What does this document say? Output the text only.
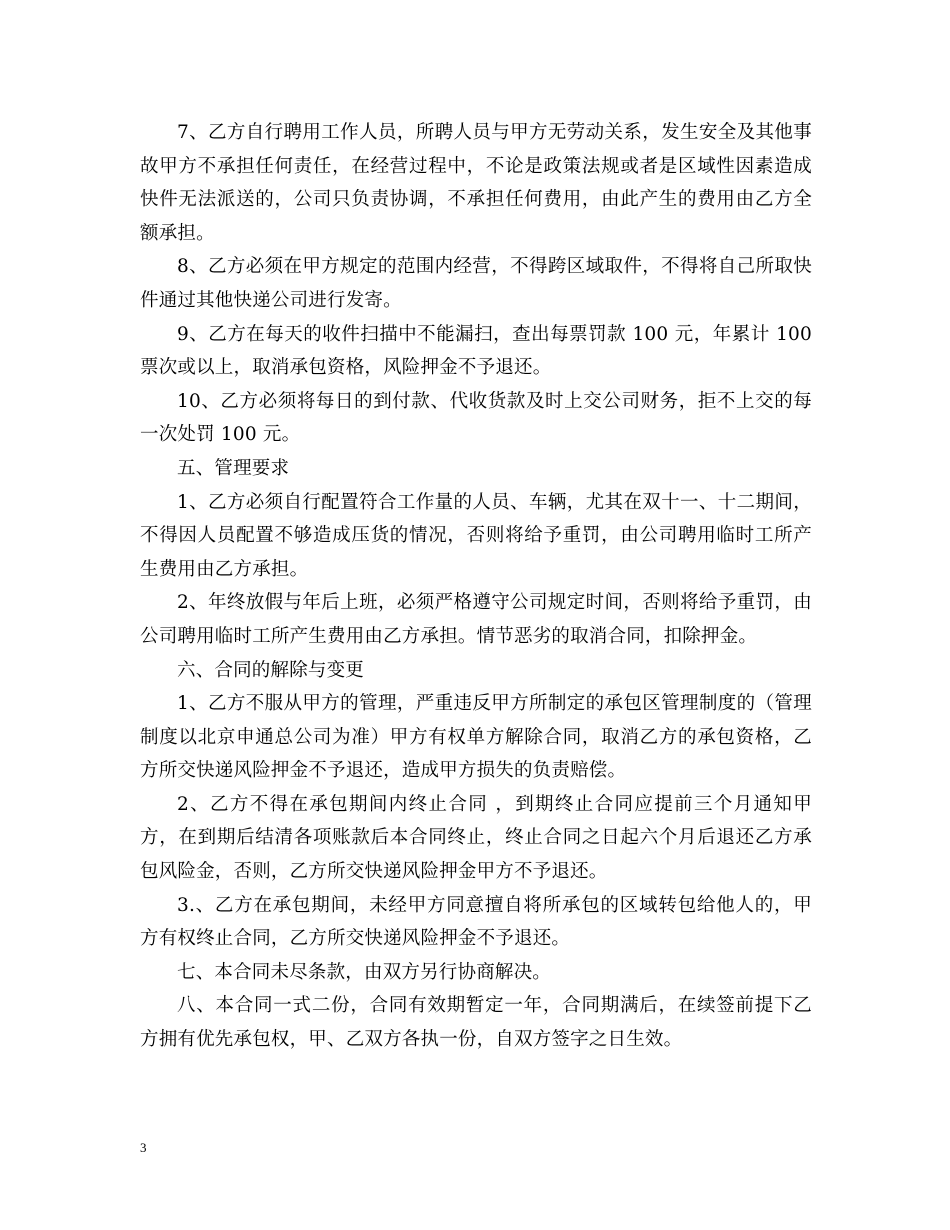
7、乙方自行聘用工作人员，所聘人员与甲方无劳动关系，发生安全及其他事故甲方不承担任何责任，在经营过程中，不论是政策法规或者是区域性因素造成快件无法派送的，公司只负责协调，不承担任何费用，由此产生的费用由乙方全额承担。

8、乙方必须在甲方规定的范围内经营，不得跨区域取件，不得将自己所取快件通过其他快递公司进行发寄。

9、乙方在每天的收件扫描中不能漏扫，查出每票罚款 100 元，年累计 100 票次或以上，取消承包资格，风险押金不予退还。

10、乙方必须将每日的到付款、代收货款及时上交公司财务，拒不上交的每一次处罚 100 元。

五、管理要求

1、乙方必须自行配置符合工作量的人员、车辆，尤其在双十一、十二期间，不得因人员配置不够造成压货的情况，否则将给予重罚，由公司聘用临时工所产生费用由乙方承担。

2、年终放假与年后上班，必须严格遵守公司规定时间，否则将给予重罚，由公司聘用临时工所产生费用由乙方承担。情节恶劣的取消合同，扣除押金。

六、合同的解除与变更

1、乙方不服从甲方的管理，严重违反甲方所制定的承包区管理制度的（管理制度以北京申通总公司为准）甲方有权单方解除合同，取消乙方的承包资格，乙方所交快递风险押金不予退还，造成甲方损失的负责赔偿。

2、乙方不得在承包期间内终止合同 ，到期终止合同应提前三个月通知甲方，在到期后结清各项账款后本合同终止，终止合同之日起六个月后退还乙方承包风险金，否则，乙方所交快递风险押金甲方不予退还。

3.、乙方在承包期间，未经甲方同意擅自将所承包的区域转包给他人的，甲方有权终止合同，乙方所交快递风险押金不予退还。

七、本合同未尽条款，由双方另行协商解决。

八、本合同一式二份，合同有效期暂定一年，合同期满后，在续签前提下乙方拥有优先承包权，甲、乙双方各执一份，自双方签字之日生效。

3
